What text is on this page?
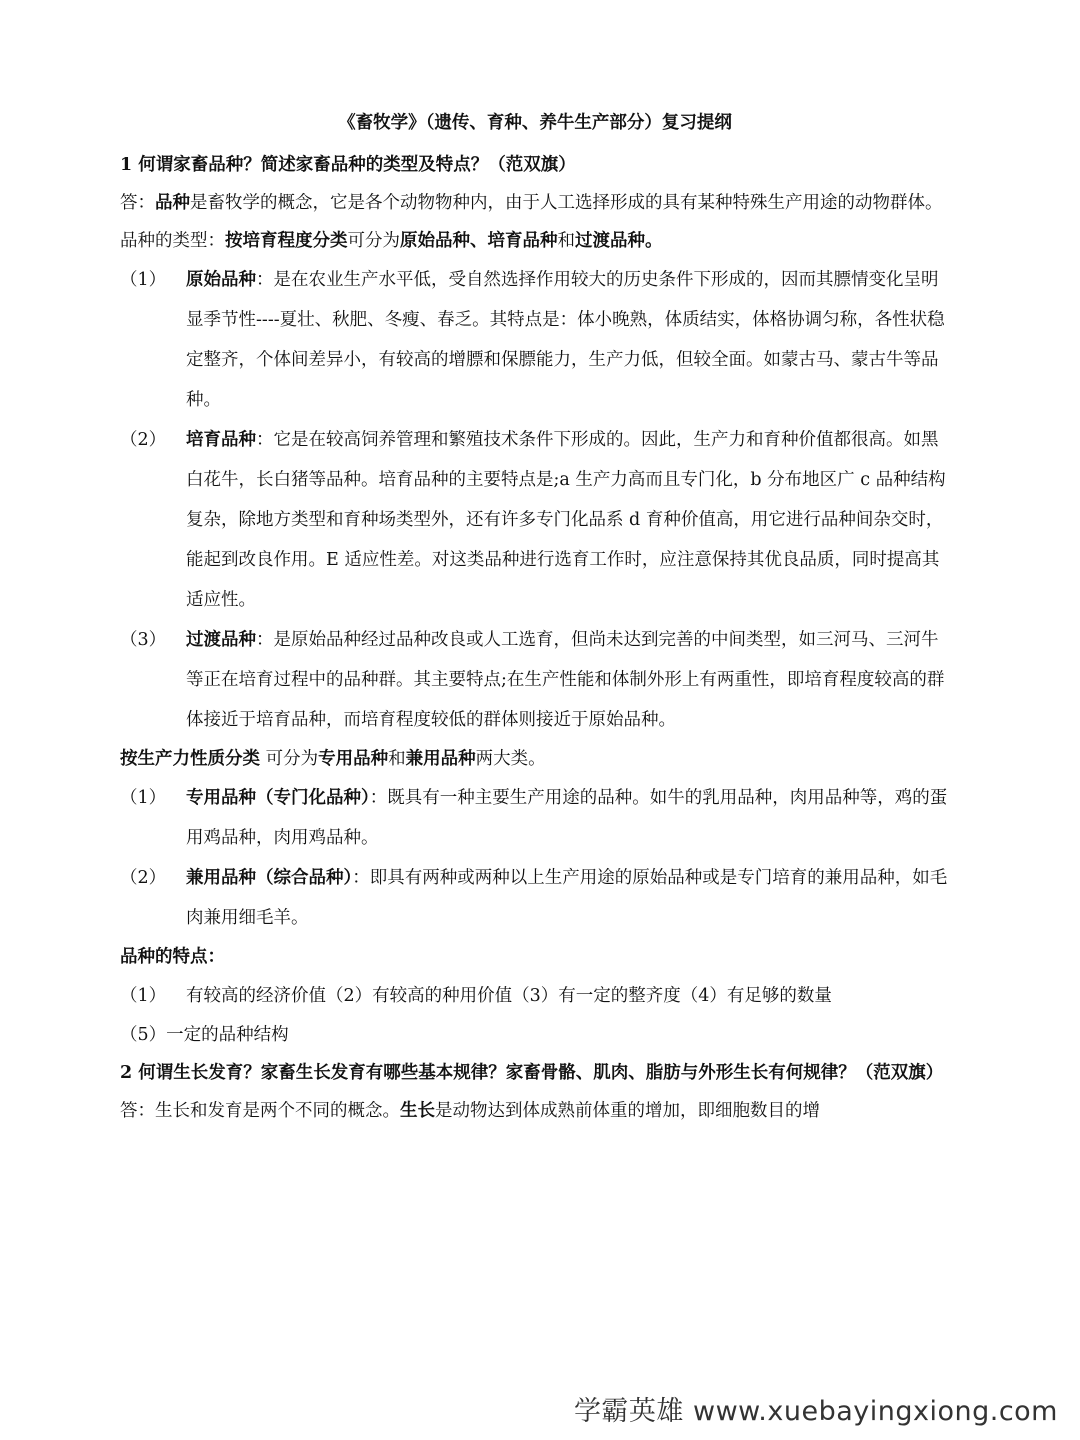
《畜牧学》（遗传、育种、养牛生产部分）复习提纲
1 何谓家畜品种？简述家畜品种的类型及特点？（范双旗）
答：品种是畜牧学的概念，它是各个动物物种内，由于人工选择形成的具有某种特殊生产用途的动物群体。
品种的类型：按培育程度分类可分为原始品种、培育品种和过渡品种。
（1）	原始品种：是在农业生产水平低，受自然选择作用较大的历史条件下形成的，因而其膘情变化呈明显季节性----夏壮、秋肥、冬瘦、春乏。其特点是：体小晚熟，体质结实，体格协调匀称，各性状稳定整齐，个体间差异小，有较高的增膘和保膘能力，生产力低，但较全面。如蒙古马、蒙古牛等品种。
（2）	培育品种：它是在较高饲养管理和繁殖技术条件下形成的。因此，生产力和育种价值都很高。如黑白花牛，长白猪等品种。培育品种的主要特点是;a 生产力高而且专门化，b 分布地区广 c 品种结构复杂，除地方类型和育种场类型外，还有许多专门化品系 d 育种价值高，用它进行品种间杂交时，能起到改良作用。E 适应性差。对这类品种进行选育工作时，应注意保持其优良品质，同时提高其适应性。
（3）	过渡品种：是原始品种经过品种改良或人工选育，但尚未达到完善的中间类型，如三河马、三河牛等正在培育过程中的品种群。其主要特点;在生产性能和体制外形上有两重性，即培育程度较高的群体接近于培育品种，而培育程度较低的群体则接近于原始品种。
按生产力性质分类 可分为专用品种和兼用品种两大类。
（1）	专用品种（专门化品种）：既具有一种主要生产用途的品种。如牛的乳用品种，肉用品种等，鸡的蛋用鸡品种，肉用鸡品种。
（2）	兼用品种（综合品种）：即具有两种或两种以上生产用途的原始品种或是专门培育的兼用品种，如毛肉兼用细毛羊。
品种的特点：
（1）	有较高的经济价值（2）有较高的种用价值（3）有一定的整齐度（4）有足够的数量
（5）一定的品种结构
2 何谓生长发育？家畜生长发育有哪些基本规律？家畜骨骼、肌肉、脂肪与外形生长有何规律？（范双旗）
答：生长和发育是两个不同的概念。生长是动物达到体成熟前体重的增加，即细胞数目的增
学霸英雄 www.xuebayingxiong.com
